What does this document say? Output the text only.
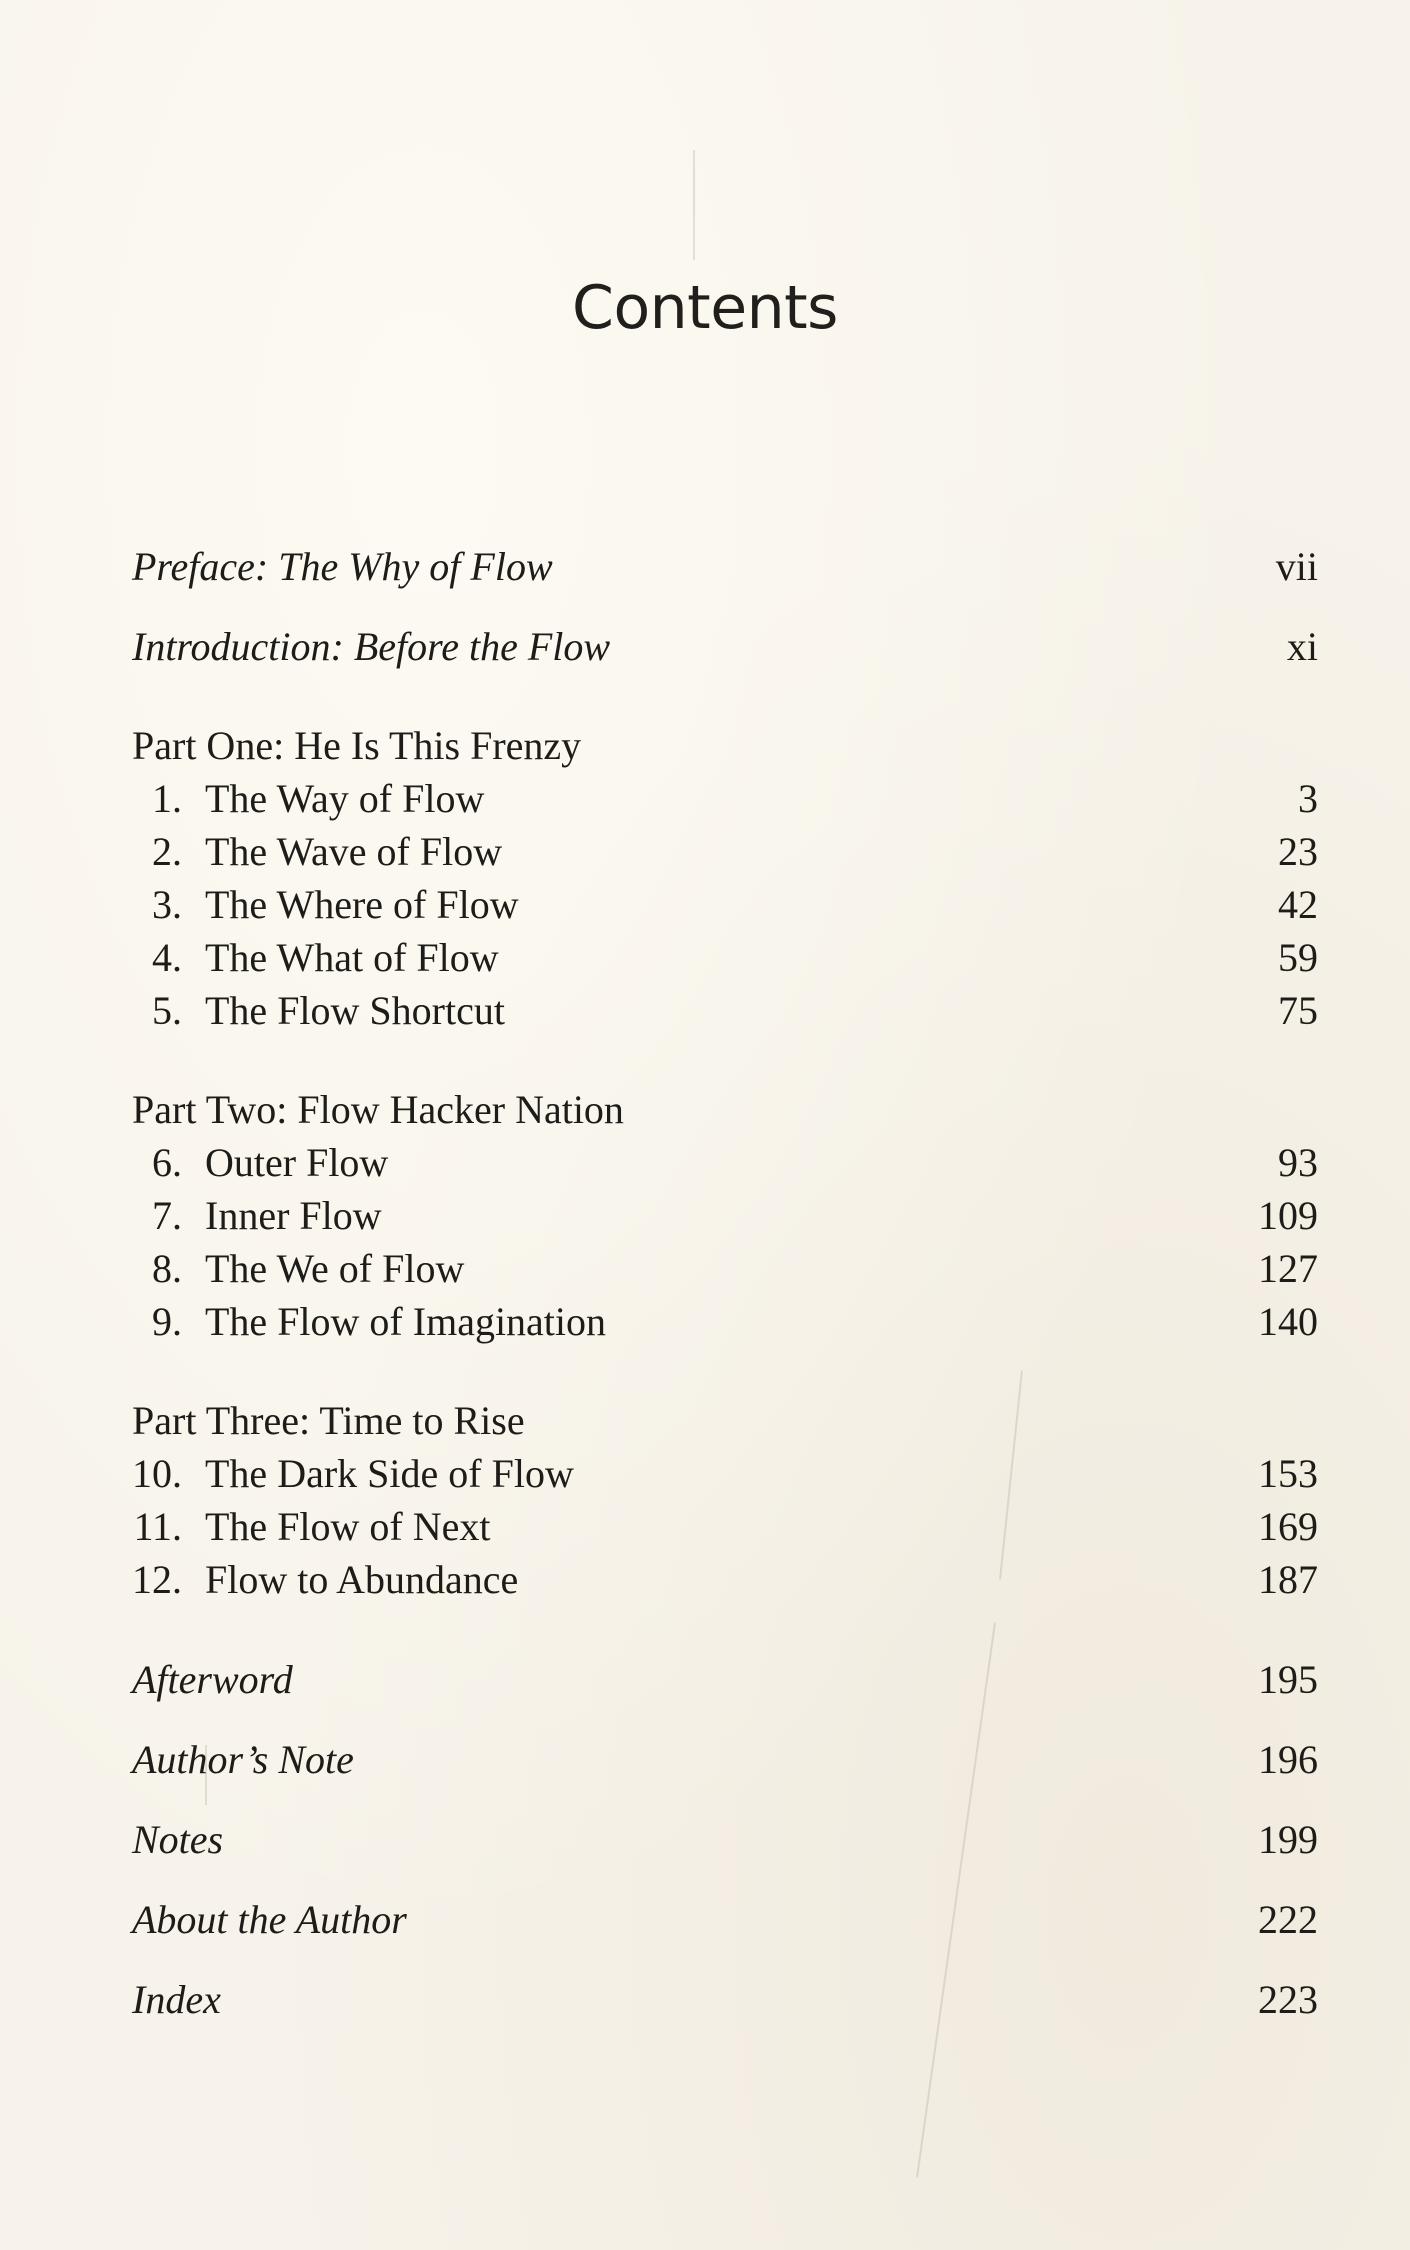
Contents
Preface: The Why of Flow	vii
Introduction: Before the Flow	xi
Part One: He Is This Frenzy
1. The Way of Flow	3
2. The Wave of Flow	23
3. The Where of Flow	42
4. The What of Flow	59
5. The Flow Shortcut	75
Part Two: Flow Hacker Nation
6. Outer Flow	93
7. Inner Flow	109
8. The We of Flow	127
9. The Flow of Imagination	140
Part Three: Time to Rise
10. The Dark Side of Flow	153
11. The Flow of Next	169
12. Flow to Abundance	187
Afterword	195
Author’s Note	196
Notes	199
About the Author	222
Index	223
